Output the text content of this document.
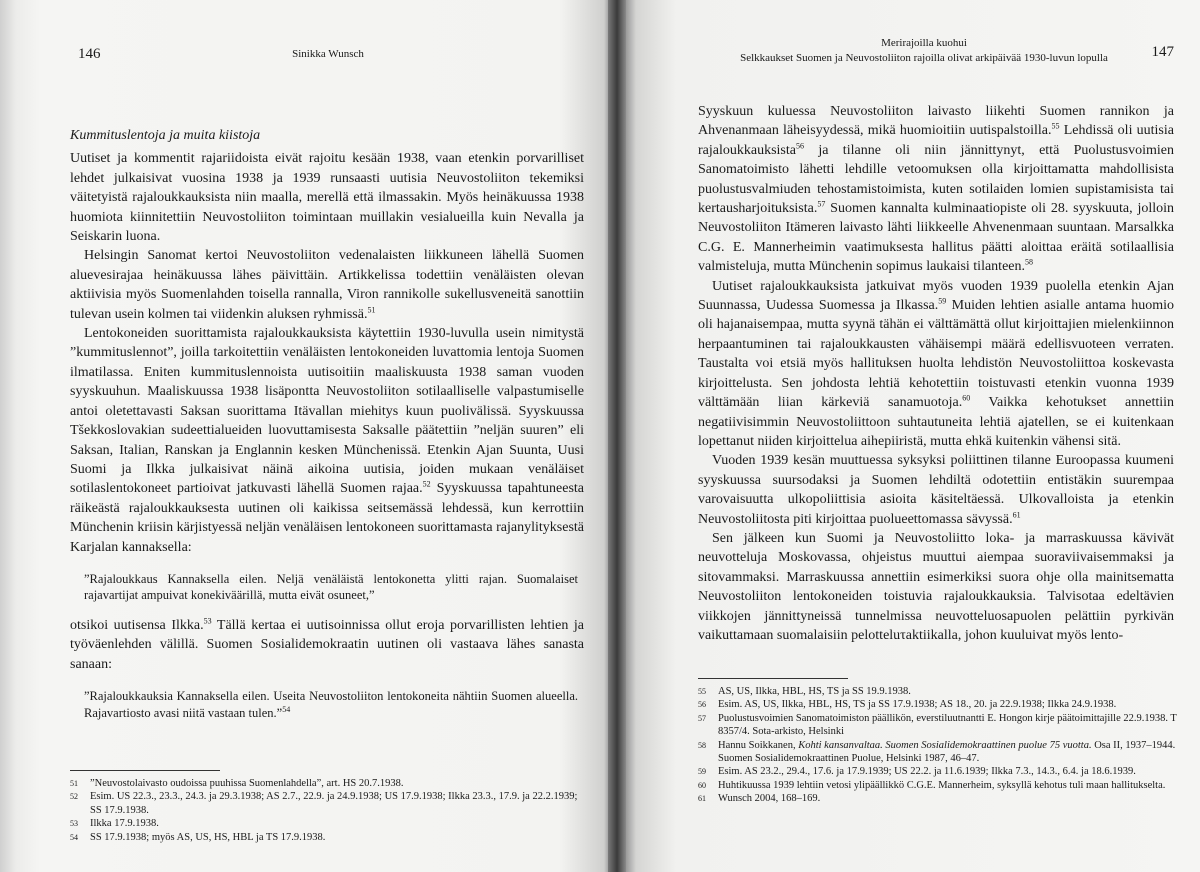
146	Sinikka Wunsch
Kummituslentoja ja muita kiistoja

Uutiset ja kommentit rajariidoista eivät rajoitu kesään 1938, vaan etenkin porvarilliset lehdet julkaisivat vuosina 1938 ja 1939 runsaasti uutisia Neuvostoliiton tekemiksi väitetyistä rajaloukkauksista niin maalla, merellä että ilmassakin. Myös heinäkuussa 1938 huomiota kiinnitettiin Neuvostoliiton toimintaan muillakin vesialueilla kuin Nevalla ja Seiskarin luona.

Helsingin Sanomat kertoi Neuvostoliiton vedenalaisten liikkuneen lähellä Suomen aluevesirajaa heinäkuussa lähes päivittäin. Artikkelissa todettiin venäläisten olevan aktiivisia myös Suomenlahden toisella rannalla, Viron rannikolle sukellusveneitä sanottiin tulevan usein kolmen tai viidenkin aluksen ryhmissä.$^{51}$

Lentokoneiden suorittamista rajaloukkauksista käytettiin 1930-luvulla usein nimitystä ”kummituslennot”, joilla tarkoitettiin venäläisten lentokoneiden luvattomia lentoja Suomen ilmatilassa. Eniten kummituslennoista uutisoitiin maaliskuusta 1938 saman vuoden syyskuuhun. Maaliskuussa 1938 lisäpontta Neuvostoliiton sotilaalliselle valpastumiselle antoi oletettavasti Saksan suorittama Itävallan miehitys kuun puolivälissä. Syyskuussa Tšekkoslovakian sudeettialueiden luovuttamisesta Saksalle päätettiin ”neljän suuren” eli Saksan, Italian, Ranskan ja Englannin kesken Münchenissä. Etenkin Ajan Suunta, Uusi Suomi ja Ilkka julkaisivat näinä aikoina uutisia, joiden mukaan venäläiset sotilaslentokoneet partioivat jatkuvasti lähellä Suomen rajaa.$^{52}$ Syyskuussa tapahtuneesta räikeästä rajaloukkauksesta uutinen oli kaikissa seitsemässä lehdessä, kun kerrottiin Münchenin kriisin kärjistyessä neljän venäläisen lentokoneen suorittamasta rajanylityksestä Karjalan kannaksella:

”Rajaloukkaus Kannaksella eilen. Neljä venäläistä lentokonetta ylitti rajan. Suomalaiset rajavartijat ampuivat konekiväärillä, mutta eivät osuneet,”

otsikoi uutisensa Ilkka.$^{53}$ Tällä kertaa ei uutisoinnissa ollut eroja porvarillisten lehtien ja työväenlehden välillä. Suomen Sosialidemokraatin uutinen oli vastaava lähes sanasta sanaan:

”Rajaloukkauksia Kannaksella eilen. Useita Neuvostoliiton lentokoneita nähtiin Suomen alueella. Rajavartiosto avasi niitä vastaan tulen.”$^{54}$
51	”Neuvostolaivasto oudoissa puuhissa Suomenlahdella”, art. HS 20.7.1938.
52	Esim. US 22.3., 23.3., 24.3. ja 29.3.1938; AS 2.7., 22.9. ja 24.9.1938; US 17.9.1938; Ilkka 23.3., 17.9. ja 22.2.1939; SS 17.9.1938.
53	Ilkka 17.9.1938.
54	SS 17.9.1938; myös AS, US, HS, HBL ja TS 17.9.1938.
Merirajoilla kuohui
Selkkaukset Suomen ja Neuvostoliiton rajoilla olivat arkipäivää 1930-luvun lopulla	147

Syyskuun kuluessa Neuvostoliiton laivasto liikehti Suomen rannikon ja Ahvenanmaan läheisyydessä, mikä huomioitiin uutispalstoilla.$^{55}$ Lehdissä oli uutisia rajaloukkauksista$^{56}$ ja tilanne oli niin jännittynyt, että Puolustusvoimien Sanomatoimisto lähetti lehdille vetoomuksen olla kirjoittamatta mahdollisista puolustusvalmiuden tehostamistoimista, kuten sotilaiden lomien supistamisista tai kertausharjoituksista.$^{57}$ Suomen kannalta kulminaatiopiste oli 28. syyskuuta, jolloin Neuvostoliiton Itämeren laivasto lähti liikkeelle Ahvenenmaan suuntaan. Marsalkka C.G. E. Mannerheimin vaatimuksesta hallitus päätti aloittaa eräitä sotilaallisia valmisteluja, mutta Münchenin sopimus laukaisi tilanteen.$^{58}$

Uutiset rajaloukkauksista jatkuivat myös vuoden 1939 puolella etenkin Ajan Suunnassa, Uudessa Suomessa ja Ilkassa.$^{59}$ Muiden lehtien asialle antama huomio oli hajanaisempaa, mutta syynä tähän ei välttämättä ollut kirjoittajien mielenkiinnon herpaantuminen tai rajaloukkausten vähäisempi määrä edellisvuoteen verraten. Taustalta voi etsiä myös hallituksen huolta lehdistön Neuvostoliittoa koskevasta kirjoittelusta. Sen johdosta lehtiä kehotettiin toistuvasti etenkin vuonna 1939 välttämään liian kärkeviä sanamuotoja.$^{60}$ Vaikka kehotukset annettiin negatiivisimmin Neuvostoliittoon suhtautuneita lehtiä ajatellen, se ei kuitenkaan lopettanut niiden kirjoittelua aihepiiristä, mutta ehkä kuitenkin vähensi sitä.

Vuoden 1939 kesän muuttuessa syksyksi poliittinen tilanne Euroopassa kuumeni syyskuussa suursodaksi ja Suomen lehdiltä odotettiin entistäkin suurempaa varovaisuutta ulkopoliittisia asioita käsiteltäessä. Ulkovalloista ja etenkin Neuvostoliitosta piti kirjoittaa puolueettomassa sävyssä.$^{61}$

Sen jälkeen kun Suomi ja Neuvostoliitto loka- ja marraskuussa kävivät neuvotteluja Moskovassa, ohjeistus muuttui aiempaa suoraviivaisemmaksi ja sitovammaksi. Marraskuussa annettiin esimerkiksi suora ohje olla mainitsematta Neuvostoliiton lentokoneiden toistuvia rajaloukkauksia. Talvisotaa edeltävien viikkojen jännittyneissä tunnelmissa neuvotteluosapuolen pelättiin pyrkivän vaikuttamaan suomalaisiin pelotteluτaktiikalla, johon kuuluivat myös lento-

55	AS, US, Ilkka, HBL, HS, TS ja SS 19.9.1938.
56	Esim. AS, US, Ilkka, HBL, HS, TS ja SS 17.9.1938; AS 18., 20. ja 22.9.1938; Ilkka 24.9.1938.
57	Puolustusvoimien Sanomatoimiston päällikön, everstiluutnantti E. Hongon kirje päätoimittajille 22.9.1938. T 8357/4. Sota-arkisto, Helsinki
58	Hannu Soikkanen, Kohti kansanvaltaa. Suomen Sosialidemokraattinen puolue 75 vuotta. Osa II, 1937–1944. Suomen Sosialidemokraattinen Puolue, Helsinki 1987, 46–47.
59	Esim. AS 23.2., 29.4., 17.6. ja 17.9.1939; US 22.2. ja 11.6.1939; Ilkka 7.3., 14.3., 6.4. ja 18.6.1939.
60	Huhtikuussa 1939 lehtiin vetosi ylipäällikkö C.G.E. Mannerheim, syksyllä kehotus tuli maan hallitukselta.
61	Wunsch 2004, 168–169.
